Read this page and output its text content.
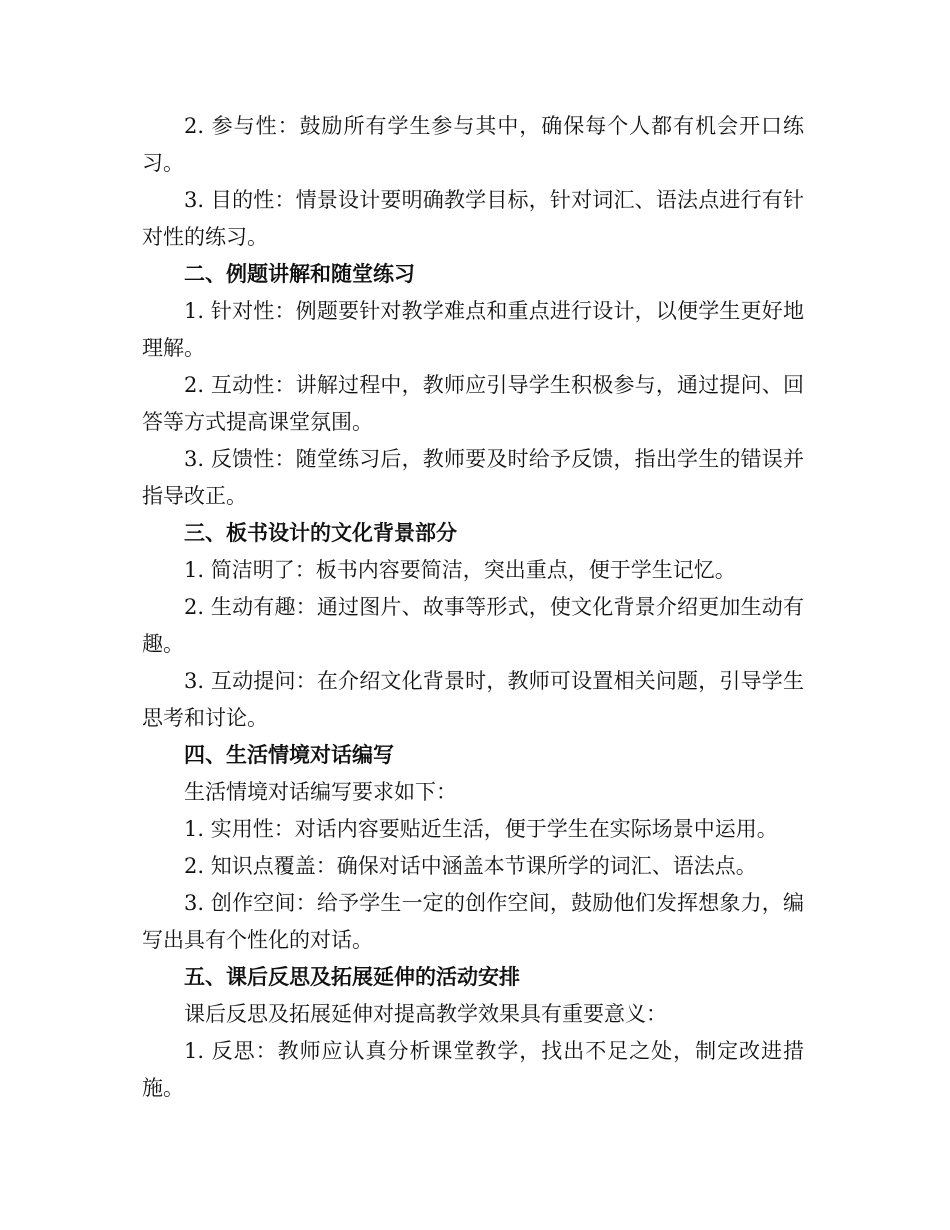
2. 参与性：鼓励所有学生参与其中，确保每个人都有机会开口练习。

3. 目的性：情景设计要明确教学目标，针对词汇、语法点进行有针对性的练习。

二、例题讲解和随堂练习

1. 针对性：例题要针对教学难点和重点进行设计，以便学生更好地理解。

2. 互动性：讲解过程中，教师应引导学生积极参与，通过提问、回答等方式提高课堂氛围。

3. 反馈性：随堂练习后，教师要及时给予反馈，指出学生的错误并指导改正。

三、板书设计的文化背景部分

1. 简洁明了：板书内容要简洁，突出重点，便于学生记忆。

2. 生动有趣：通过图片、故事等形式，使文化背景介绍更加生动有趣。

3. 互动提问：在介绍文化背景时，教师可设置相关问题，引导学生思考和讨论。

四、生活情境对话编写

生活情境对话编写要求如下：

1. 实用性：对话内容要贴近生活，便于学生在实际场景中运用。

2. 知识点覆盖：确保对话中涵盖本节课所学的词汇、语法点。

3. 创作空间：给予学生一定的创作空间，鼓励他们发挥想象力，编写出具有个性化的对话。

五、课后反思及拓展延伸的活动安排

课后反思及拓展延伸对提高教学效果具有重要意义：

1. 反思：教师应认真分析课堂教学，找出不足之处，制定改进措施。
